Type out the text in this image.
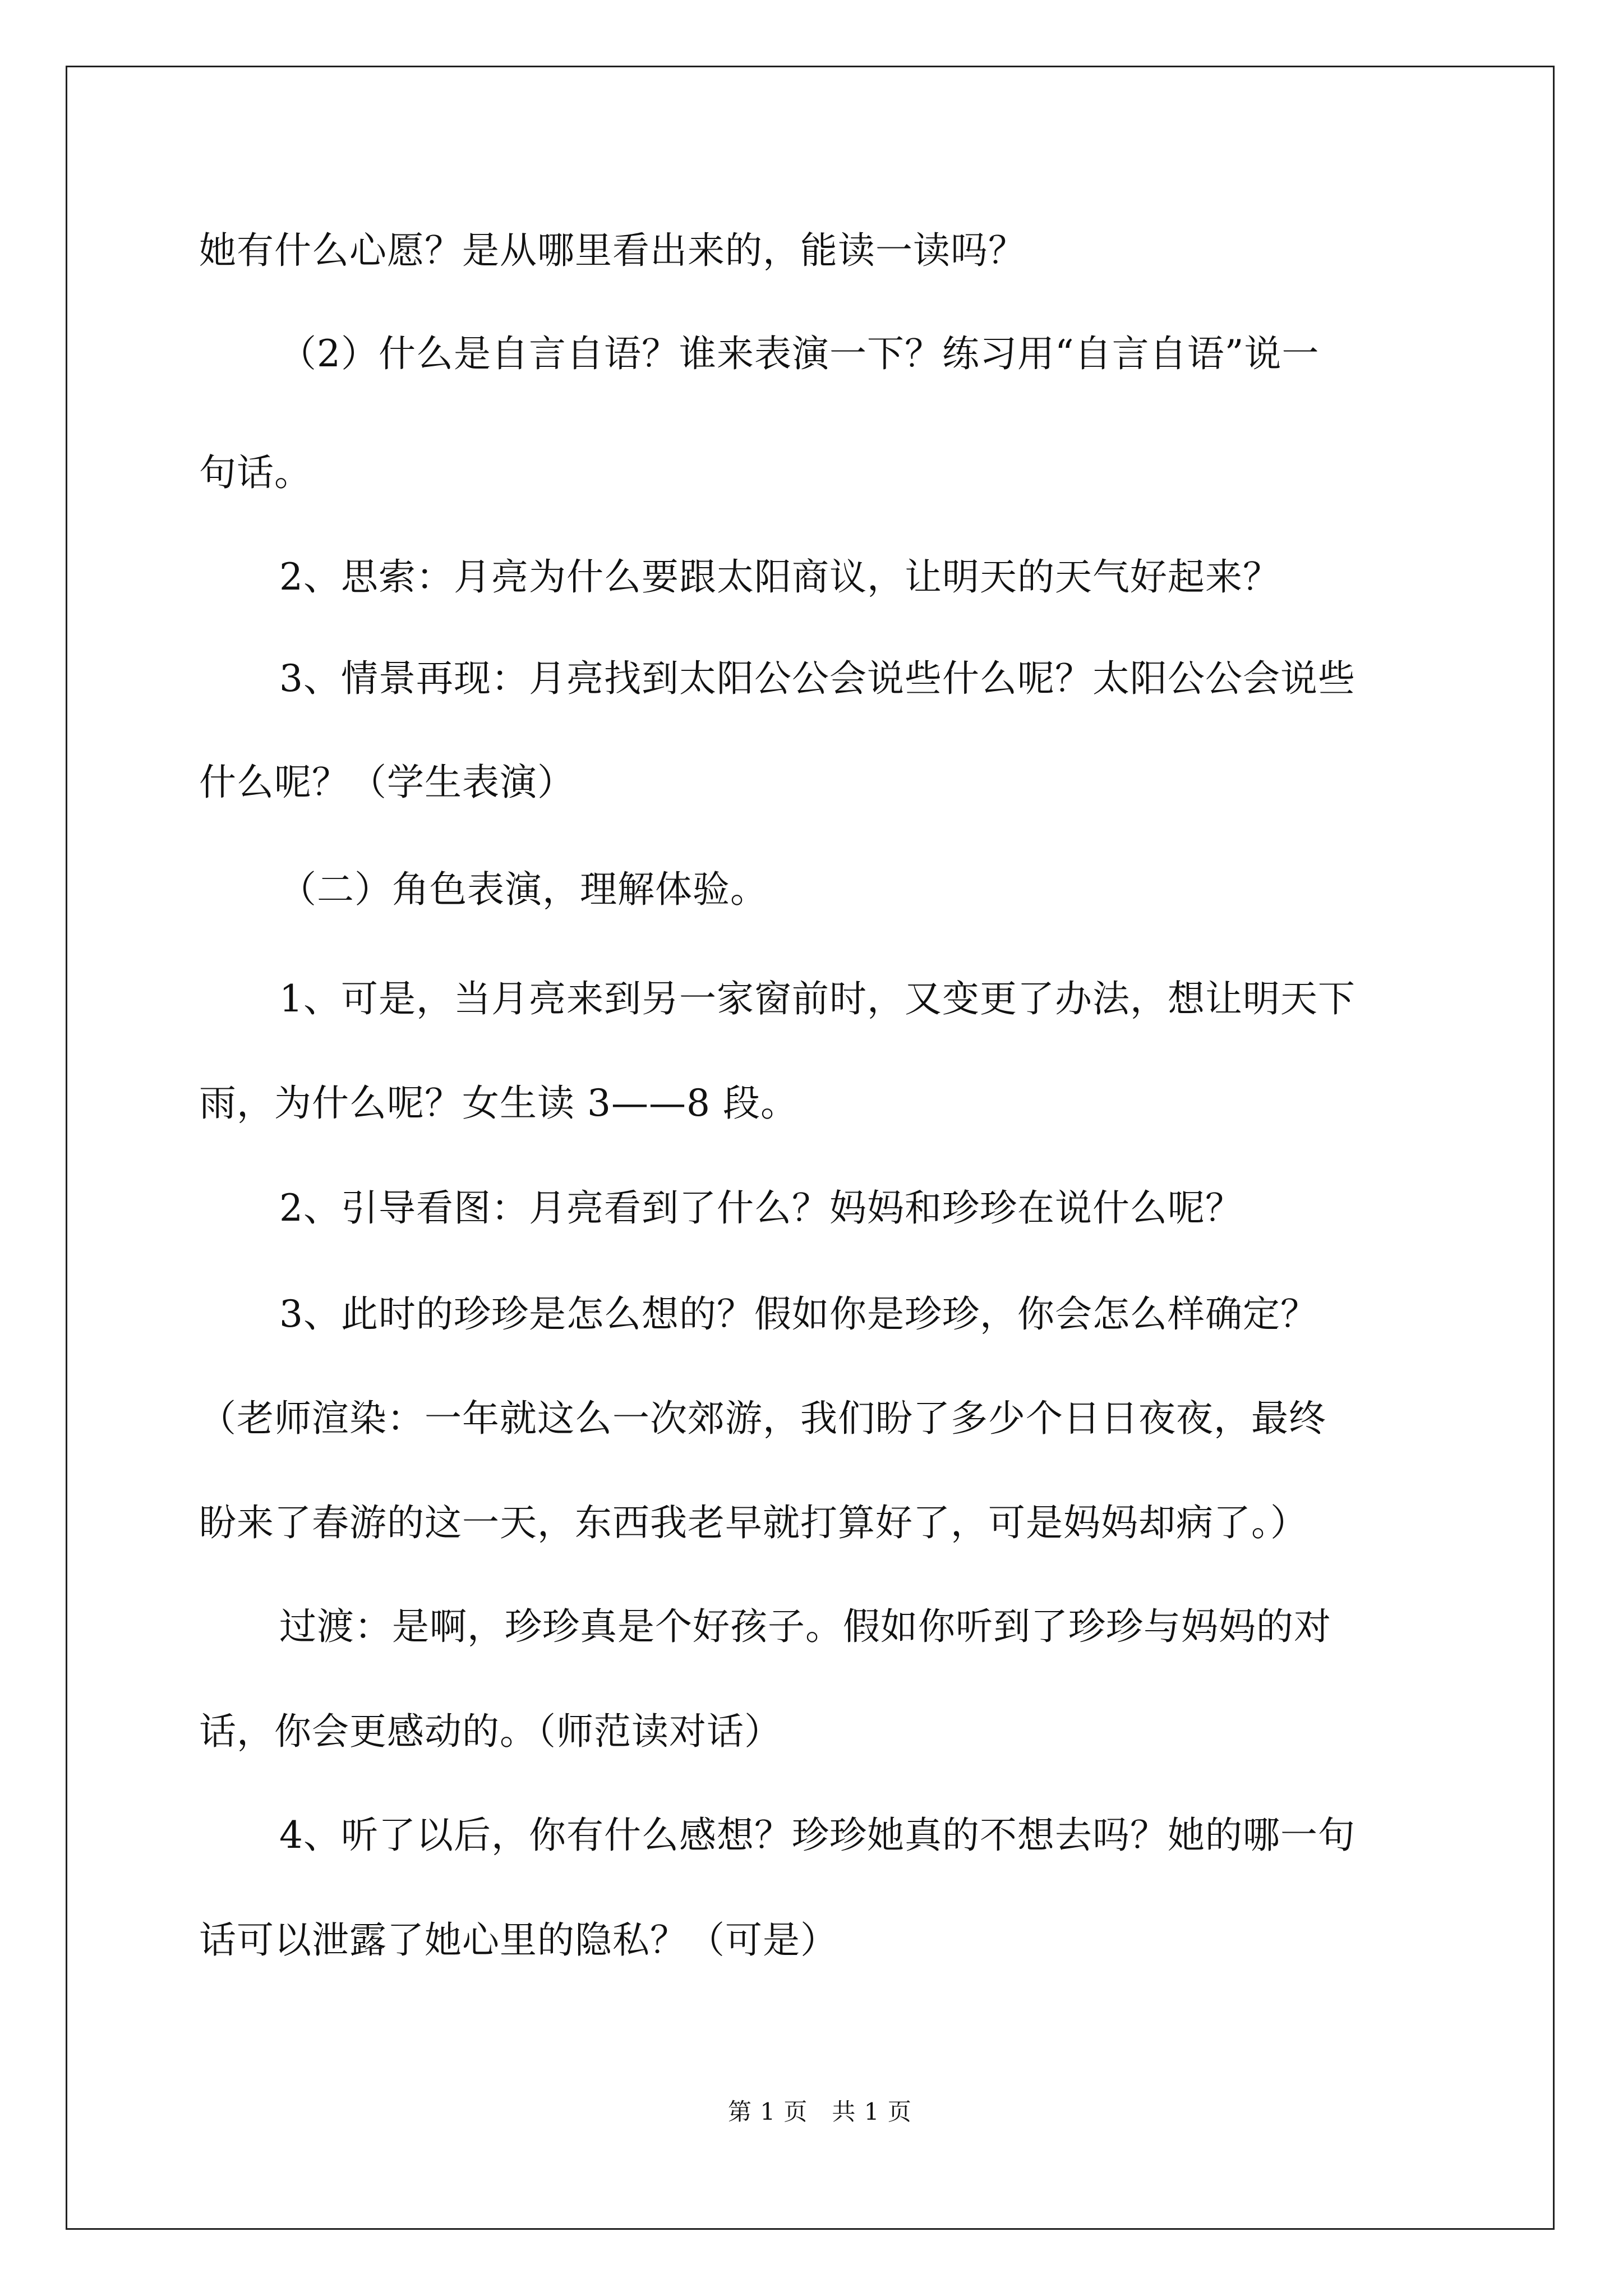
她有什么心愿？是从哪里看出来的，能读一读吗？
（2）什么是自言自语？谁来表演一下？练习用“自言自语”说一
句话。
2、思索：月亮为什么要跟太阳商议，让明天的天气好起来？
3、情景再现：月亮找到太阳公公会说些什么呢？太阳公公会说些
什么呢？（学生表演）
（二）角色表演，理解体验。
1、可是，当月亮来到另一家窗前时，又变更了办法，想让明天下
雨，为什么呢？女生读 3——8 段。
2、引导看图：月亮看到了什么？妈妈和珍珍在说什么呢？
3、此时的珍珍是怎么想的？假如你是珍珍，你会怎么样确定？
（老师渲染：一年就这么一次郊游，我们盼了多少个日日夜夜，最终
盼来了春游的这一天，东西我老早就打算好了，可是妈妈却病了。）
过渡：是啊，珍珍真是个好孩子。假如你听到了珍珍与妈妈的对
话，你会更感动的。（师范读对话）
4、听了以后，你有什么感想？珍珍她真的不想去吗？她的哪一句
话可以泄露了她心里的隐私？（可是）
第 1 页　共 1 页
